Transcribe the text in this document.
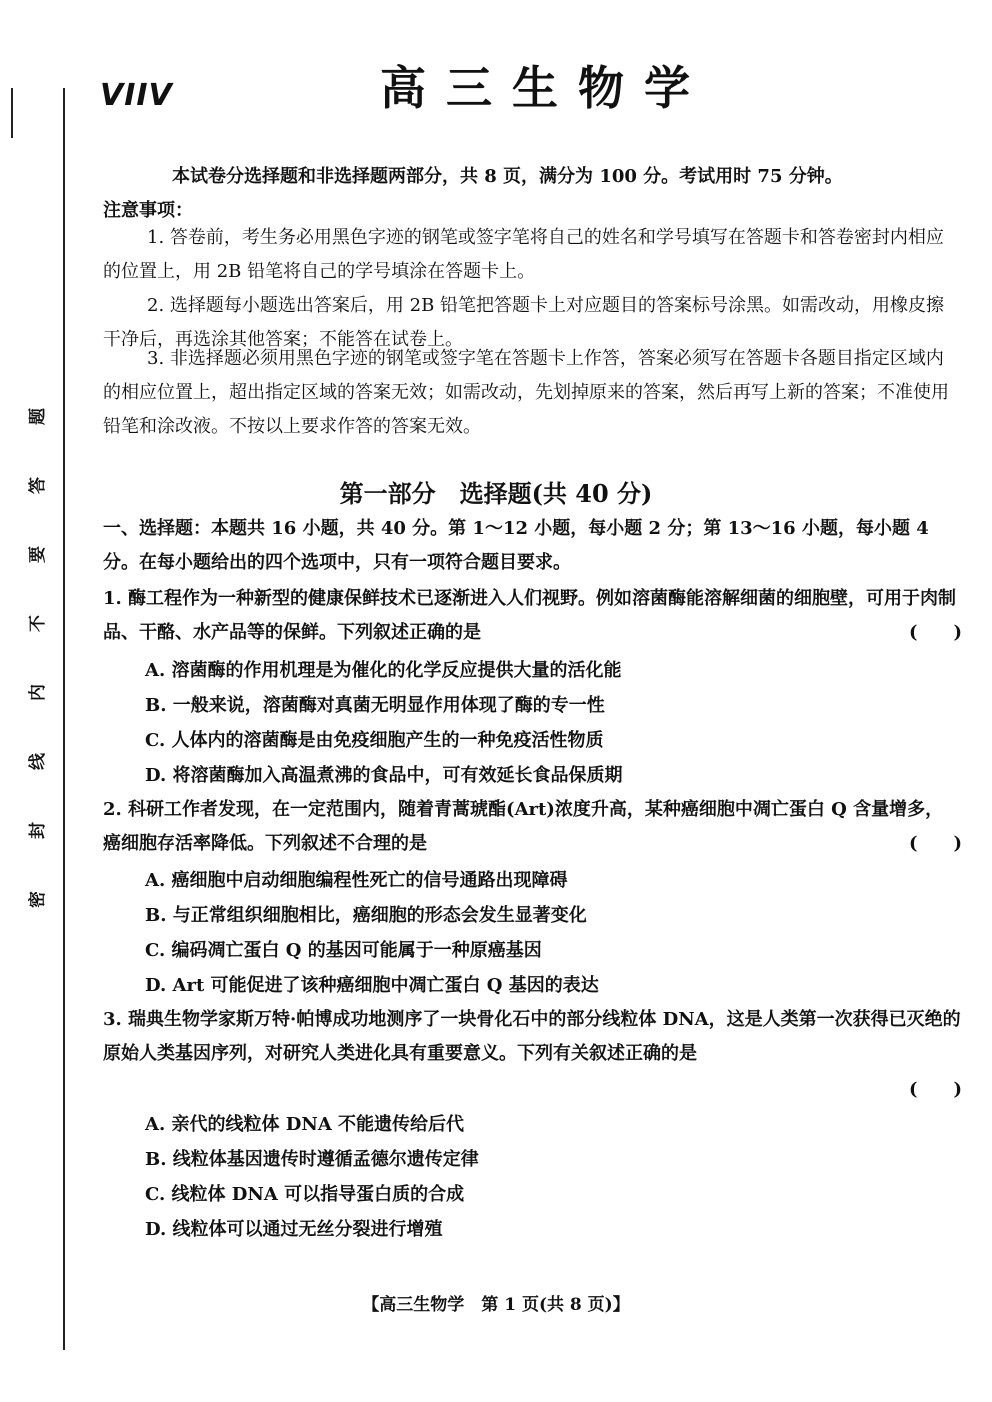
题
答
要
不
内
线
封
密
VIIV	高三生物学
本试卷分选择题和非选择题两部分，共 8 页，满分为 100 分。考试用时 75 分钟。
注意事项：

1. 答卷前，考生务必用黑色字迹的钢笔或签字笔将自己的姓名和学号填写在答题卡和答卷密封内相应的位置上，用 2B 铅笔将自己的学号填涂在答题卡上。

2. 选择题每小题选出答案后，用 2B 铅笔把答题卡上对应题目的答案标号涂黑。如需改动，用橡皮擦干净后，再选涂其他答案；不能答在试卷上。

3. 非选择题必须用黑色字迹的钢笔或签字笔在答题卡上作答，答案必须写在答题卡各题目指定区域内的相应位置上，超出指定区域的答案无效；如需改动，先划掉原来的答案，然后再写上新的答案；不准使用铅笔和涂改液。不按以上要求作答的答案无效。

第一部分　选择题(共 40 分)

一、选择题：本题共 16 小题，共 40 分。第 1～12 小题，每小题 2 分；第 13～16 小题，每小题 4 分。在每小题给出的四个选项中，只有一项符合题目要求。

1. 酶工程作为一种新型的健康保鲜技术已逐渐进入人们视野。例如溶菌酶能溶解细菌的细胞壁，可用于肉制品、干酪、水产品等的保鲜。下列叙述正确的是	(　　)
A. 溶菌酶的作用机理是为催化的化学反应提供大量的活化能
B. 一般来说，溶菌酶对真菌无明显作用体现了酶的专一性
C. 人体内的溶菌酶是由免疫细胞产生的一种免疫活性物质
D. 将溶菌酶加入高温煮沸的食品中，可有效延长食品保质期

2. 科研工作者发现，在一定范围内，随着青蒿琥酯(Art)浓度升高，某种癌细胞中凋亡蛋白 Q 含量增多，癌细胞存活率降低。下列叙述不合理的是	(　　)
A. 癌细胞中启动细胞编程性死亡的信号通路出现障碍
B. 与正常组织细胞相比，癌细胞的形态会发生显著变化
C. 编码凋亡蛋白 Q 的基因可能属于一种原癌基因
D. Art 可能促进了该种癌细胞中凋亡蛋白 Q 基因的表达

3. 瑞典生物学家斯万特·帕博成功地测序了一块骨化石中的部分线粒体 DNA，这是人类第一次获得已灭绝的原始人类基因序列，对研究人类进化具有重要意义。下列有关叙述正确的是

(　　)
A. 亲代的线粒体 DNA 不能遗传给后代
B. 线粒体基因遗传时遵循孟德尔遗传定律
C. 线粒体 DNA 可以指导蛋白质的合成
D. 线粒体可以通过无丝分裂进行增殖
【高三生物学　第 1 页(共 8 页)】
